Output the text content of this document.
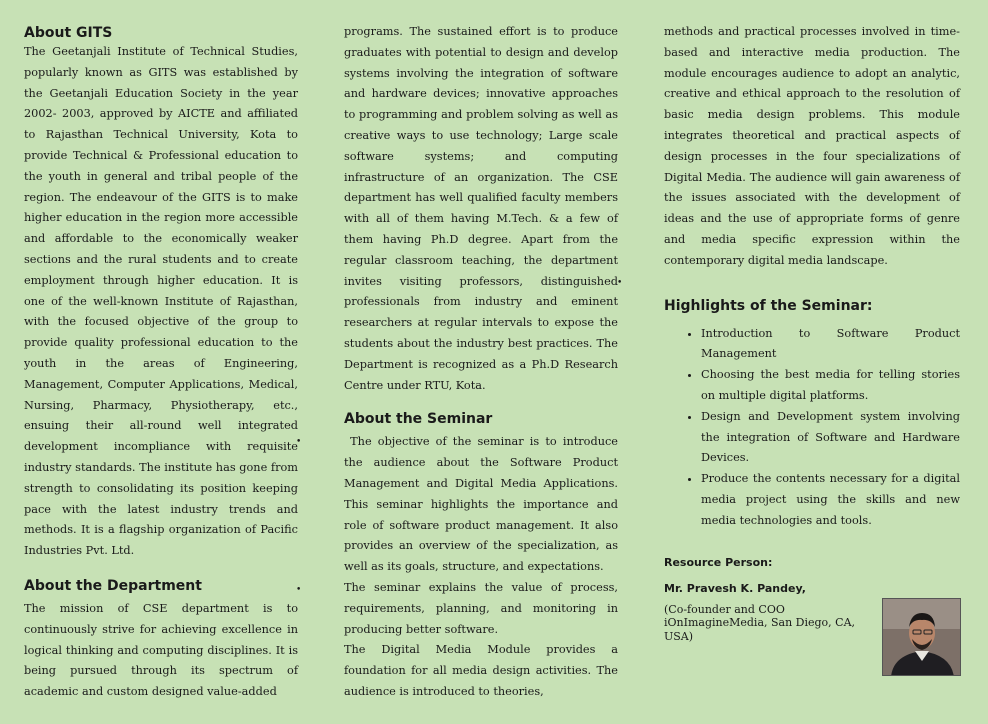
About GITS

The Geetanjali Institute of Technical Studies, popularly known as GITS was established by the Geetanjali Education Society in the year 2002- 2003, approved by AICTE and affiliated to Rajasthan Technical University, Kota to provide Technical & Professional education to the youth in general and tribal people of the region. The endeavour of the GITS is to make higher education in the region more accessible and affordable to the economically weaker sections and the rural students and to create employment through higher education. It is one of the well-known Institute of Rajasthan, with the focused objective of the group to provide quality professional education to the youth in the areas of Engineering, Management, Computer Applications, Medical, Nursing, Pharmacy, Physiotherapy, etc., ensuing their all-round well integrated development incompliance with requisite industry standards. The institute has gone from strength to consolidating its position keeping pace with the latest industry trends and methods. It is a flagship organization of Pacific Industries Pvt. Ltd.

About the Department

The mission of CSE department is to continuously strive for achieving excellence in logical thinking and computing disciplines. It is being pursued through its spectrum of academic and custom designed value-added

programs. The sustained effort is to produce graduates with potential to design and develop systems involving the integration of software and hardware devices; innovative approaches to programming and problem solving as well as creative ways to use technology; Large scale software systems; and computing infrastructure of an organization. The CSE department has well qualified faculty members with all of them having M.Tech. & a few of them having Ph.D degree. Apart from the regular classroom teaching, the department invites visiting professors, distinguished professionals from industry and eminent researchers at regular intervals to expose the students about the industry best practices. The Department is recognized as a Ph.D Research Centre under RTU, Kota.

About the Seminar

The objective of the seminar is to introduce the audience about the Software Product Management and Digital Media Applications. This seminar highlights the importance and role of software product management. It also provides an overview of the specialization, as well as its goals, structure, and expectations.

The seminar explains the value of process, requirements, planning, and monitoring in producing better software.

The Digital Media Module provides a foundation for all media design activities. The audience is introduced to theories,

methods and practical processes involved in time-based and interactive media production. The module encourages audience to adopt an analytic, creative and ethical approach to the resolution of basic media design problems. This module integrates theoretical and practical aspects of design processes in the four specializations of Digital Media. The audience will gain awareness of the issues associated with the development of ideas and the use of appropriate forms of genre and media specific expression within the contemporary digital media landscape.

Highlights of the Seminar:
• Introduction to Software Product Management
• Choosing the best media for telling stories on multiple digital platforms.
• Design and Development system involving the integration of Software and Hardware Devices.
• Produce the contents necessary for a digital media project using the skills and new media technologies and tools.

Resource Person:

Mr. Pravesh K. Pandey,

(Co-founder and COO iOnImagineMedia, San Diego, CA, USA)

•
•
•
